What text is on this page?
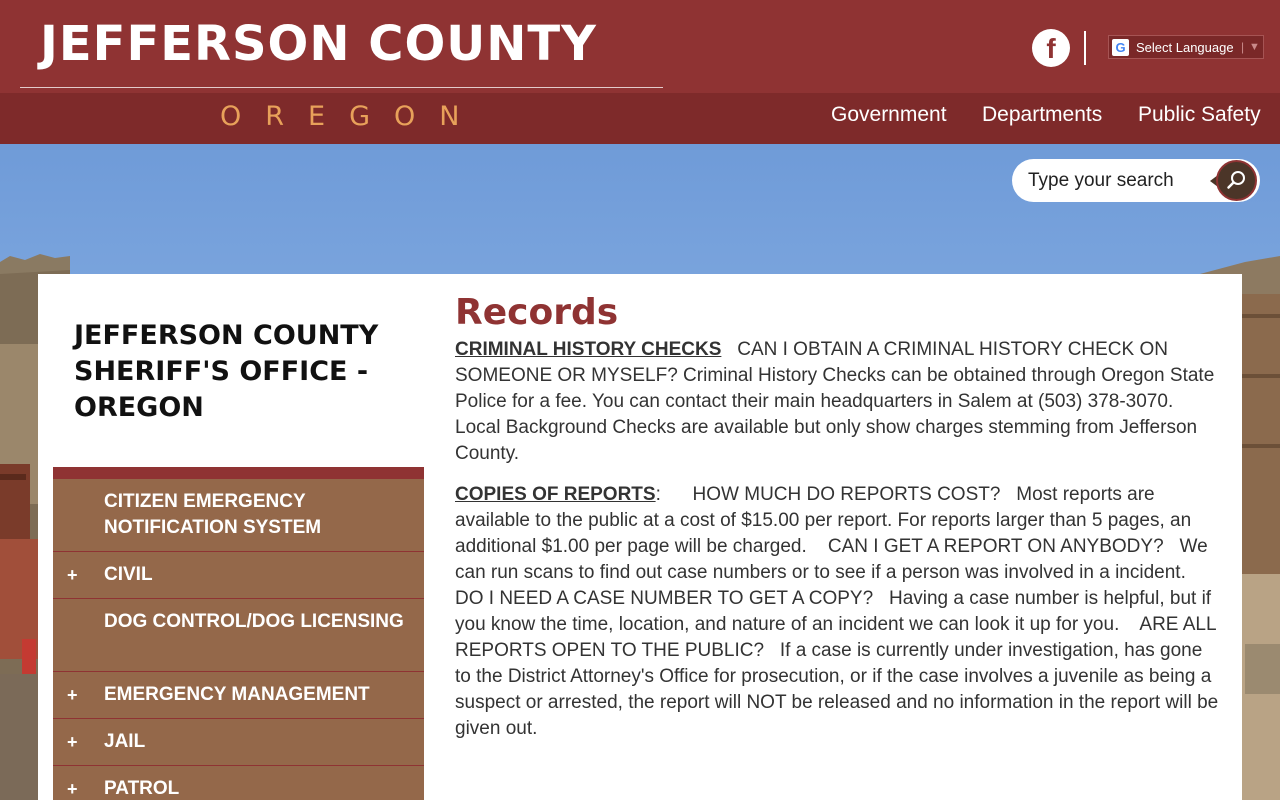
JEFFERSON COUNTY
OREGON
f	G Select Language | ▼
Government Departments Public Safety
Type your search
JEFFERSON COUNTY SHERIFF'S OFFICE - OREGON
CITIZEN EMERGENCY NOTIFICATION SYSTEM
+ CIVIL
DOG CONTROL/DOG LICENSING
+ EMERGENCY MANAGEMENT
+ JAIL
+ PATROL
Records
CRIMINAL HISTORY CHECKS   CAN I OBTAIN A CRIMINAL HISTORY CHECK ON SOMEONE OR MYSELF? Criminal History Checks can be obtained through Oregon State Police for a fee. You can contact their main headquarters in Salem at (503) 378-3070. Local Background Checks are available but only show charges stemming from Jefferson County.
COPIES OF REPORTS:      HOW MUCH DO REPORTS COST?   Most reports are available to the public at a cost of $15.00 per report. For reports larger than 5 pages, an additional $1.00 per page will be charged.    CAN I GET A REPORT ON ANYBODY?   We can run scans to find out case numbers or to see if a person was involved in a incident.    DO I NEED A CASE NUMBER TO GET A COPY?   Having a case number is helpful, but if you know the time, location, and nature of an incident we can look it up for you.    ARE ALL REPORTS OPEN TO THE PUBLIC?   If a case is currently under investigation, has gone to the District Attorney's Office for prosecution, or if the case involves a juvenile as being a suspect or arrested, the report will NOT be released and no information in the report will be given out.
